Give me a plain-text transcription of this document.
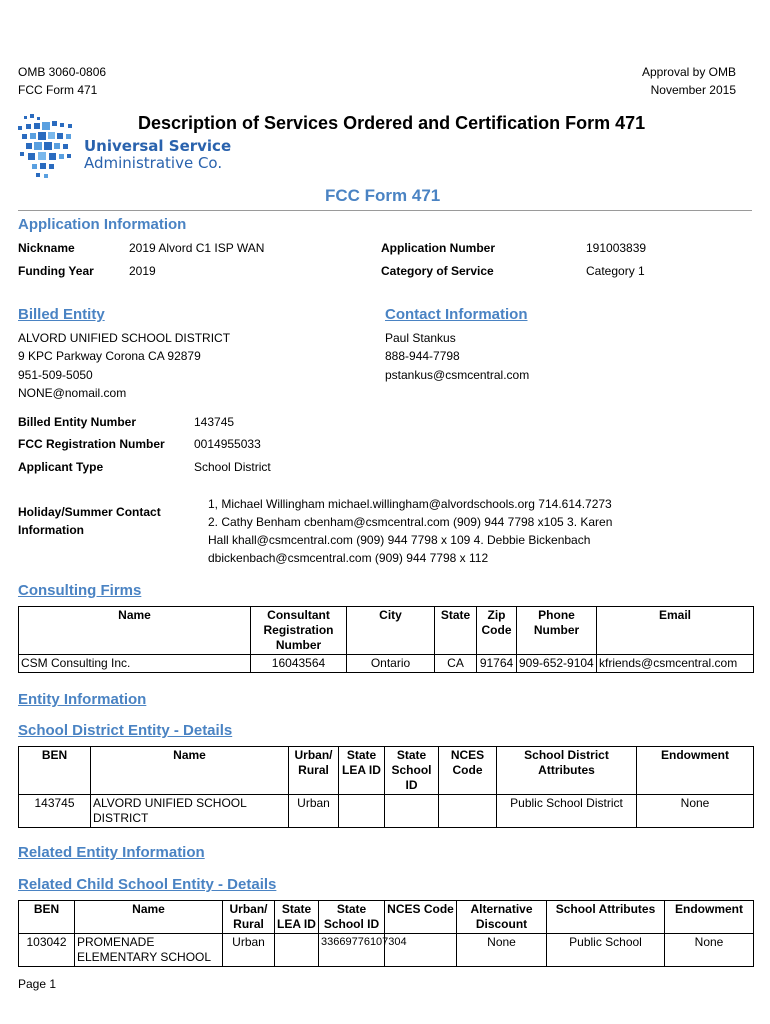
OMB 3060-0806
FCC Form 471
Approval by OMB
November 2015
Universal Service
Administrative Co.
Description of Services Ordered and Certification Form 471
FCC Form 471
Application Information
Nickname	2019 Alvord C1 ISP WAN
Funding Year	2019
Application Number	191003839
Category of Service	Category 1
Billed Entity
ALVORD UNIFIED SCHOOL DISTRICT
9 KPC Parkway Corona CA 92879
951-509-5050
NONE@nomail.com
Contact Information
Paul Stankus
888-944-7798
pstankus@csmcentral.com
Billed Entity Number	143745
FCC Registration Number 0014955033
Applicant Type	School District
Holiday/Summer Contact
Information
1, Michael Willingham michael.willingham@alvordschools.org 714.614.7273
2. Cathy Benham cbenham@csmcentral.com (909) 944 7798 x105 3. Karen
Hall khall@csmcentral.com (909) 944 7798 x 109 4. Debbie Bickenbach
dbickenbach@csmcentral.com (909) 944 7798 x 112
Consulting Firms
Name	Consultant Registration Number	City	State	Zip Code	Phone Number	Email
CSM Consulting Inc.	16043564	Ontario	CA	91764	909-652-9104	kfriends@csmcentral.com
Entity Information
School District Entity - Details
BEN	Name	Urban/ Rural	State LEA ID	State School ID	NCES Code	School District Attributes	Endowment
143745	ALVORD UNIFIED SCHOOL DISTRICT	Urban				Public School District	None
Related Entity Information
Related Child School Entity - Details
BEN	Name	Urban/ Rural	State LEA ID	State School ID	NCES Code	Alternative Discount	School Attributes	Endowment
103042	PROMENADE ELEMENTARY SCHOOL	Urban		33669776107304		None	Public School	None
Page 1
